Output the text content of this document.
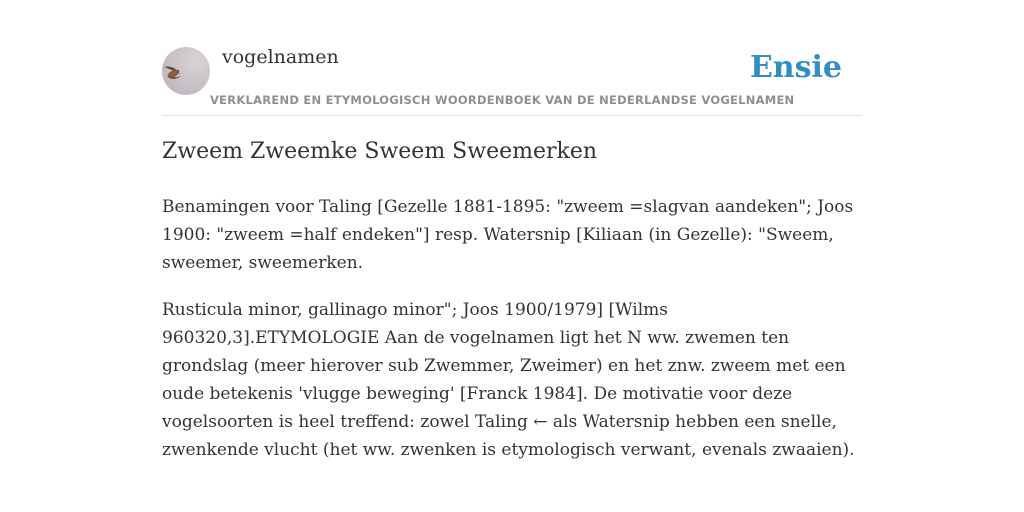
vogelnamen	Ensie
VERKLAREND EN ETYMOLOGISCH WOORDENBOEK VAN DE NEDERLANDSE VOGELNAMEN
Zweem Zweemke Sweem Sweemerken

Benamingen voor Taling [Gezelle 1881-1895: "zweem =slagvan aandeken"; Joos 1900: "zweem =half endeken"] resp. Watersnip [Kiliaan (in Gezelle): "Sweem, sweemer, sweemerken.

Rusticula minor, gallinago minor"; Joos 1900/1979] [Wilms 960320,3].ETYMOLOGIE Aan de vogelnamen ligt het N ww. zwemen ten grondslag (meer hierover sub Zwemmer, Zweimer) en het znw. zweem met een oude betekenis 'vlugge beweging' [Franck 1984]. De motivatie voor deze vogelsoorten is heel treffend: zowel Taling ← als Watersnip hebben een snelle, zwenkende vlucht (het ww. zwenken is etymologisch verwant, evenals zwaaien).
